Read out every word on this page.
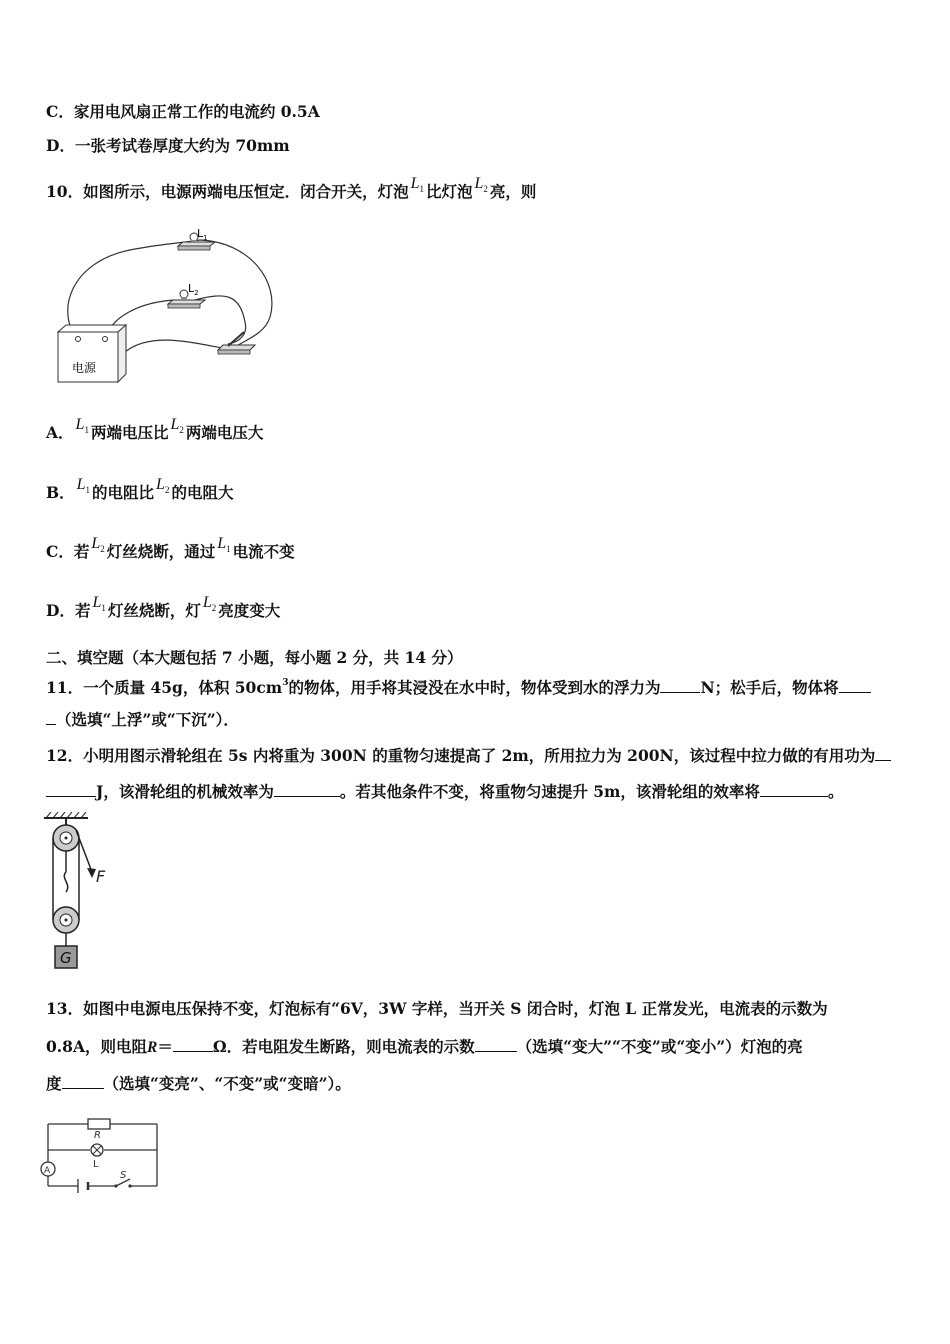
C．家用电风扇正常工作的电流约 0.5A
D．一张考试卷厚度大约为 70mm
10．如图所示，电源两端电压恒定．闭合开关，灯泡 $L_1$ 比灯泡 $L_2$ 亮，则
$L_1$
$L_2$
电源
A． $L_1$ 两端电压比 $L_2$ 两端电压大
B． $L_1$ 的电阻比 $L_2$ 的电阻大
C．若 $L_2$ 灯丝烧断，通过 $L_1$ 电流不变
D．若 $L_1$ 灯丝烧断，灯 $L_2$ 亮度变大
二、填空题（本大题包括 7 小题，每小题 2 分，共 14 分）
11．一个质量 45g，体积 $50cm^3$的物体，用手将其浸没在水中时，物体受到水的浮力为	N；松手后，物体将
（选填“上浮”或“下沉”）．
12．小明用图示滑轮组在 5s 内将重为 300N 的重物匀速提高了 2m，所用拉力为 200N，该过程中拉力做的有用功为
J，该滑轮组的机械效率为	。若其他条件不变，将重物匀速提升 5m，该滑轮组的效率将	。
F
G
13．如图中电源电压保持不变，灯泡标有“6V，3W 字样，当开关 S 闭合时，灯泡 L 正常发光，电流表的示数为
0.8A，则电阻R＝	Ω．若电阻发生断路，则电流表的示数	（选填“变大”“不变”或“变小”）灯泡的亮
度	（选填“变亮”、“不变”或“变暗”）。
R
L
A	S
